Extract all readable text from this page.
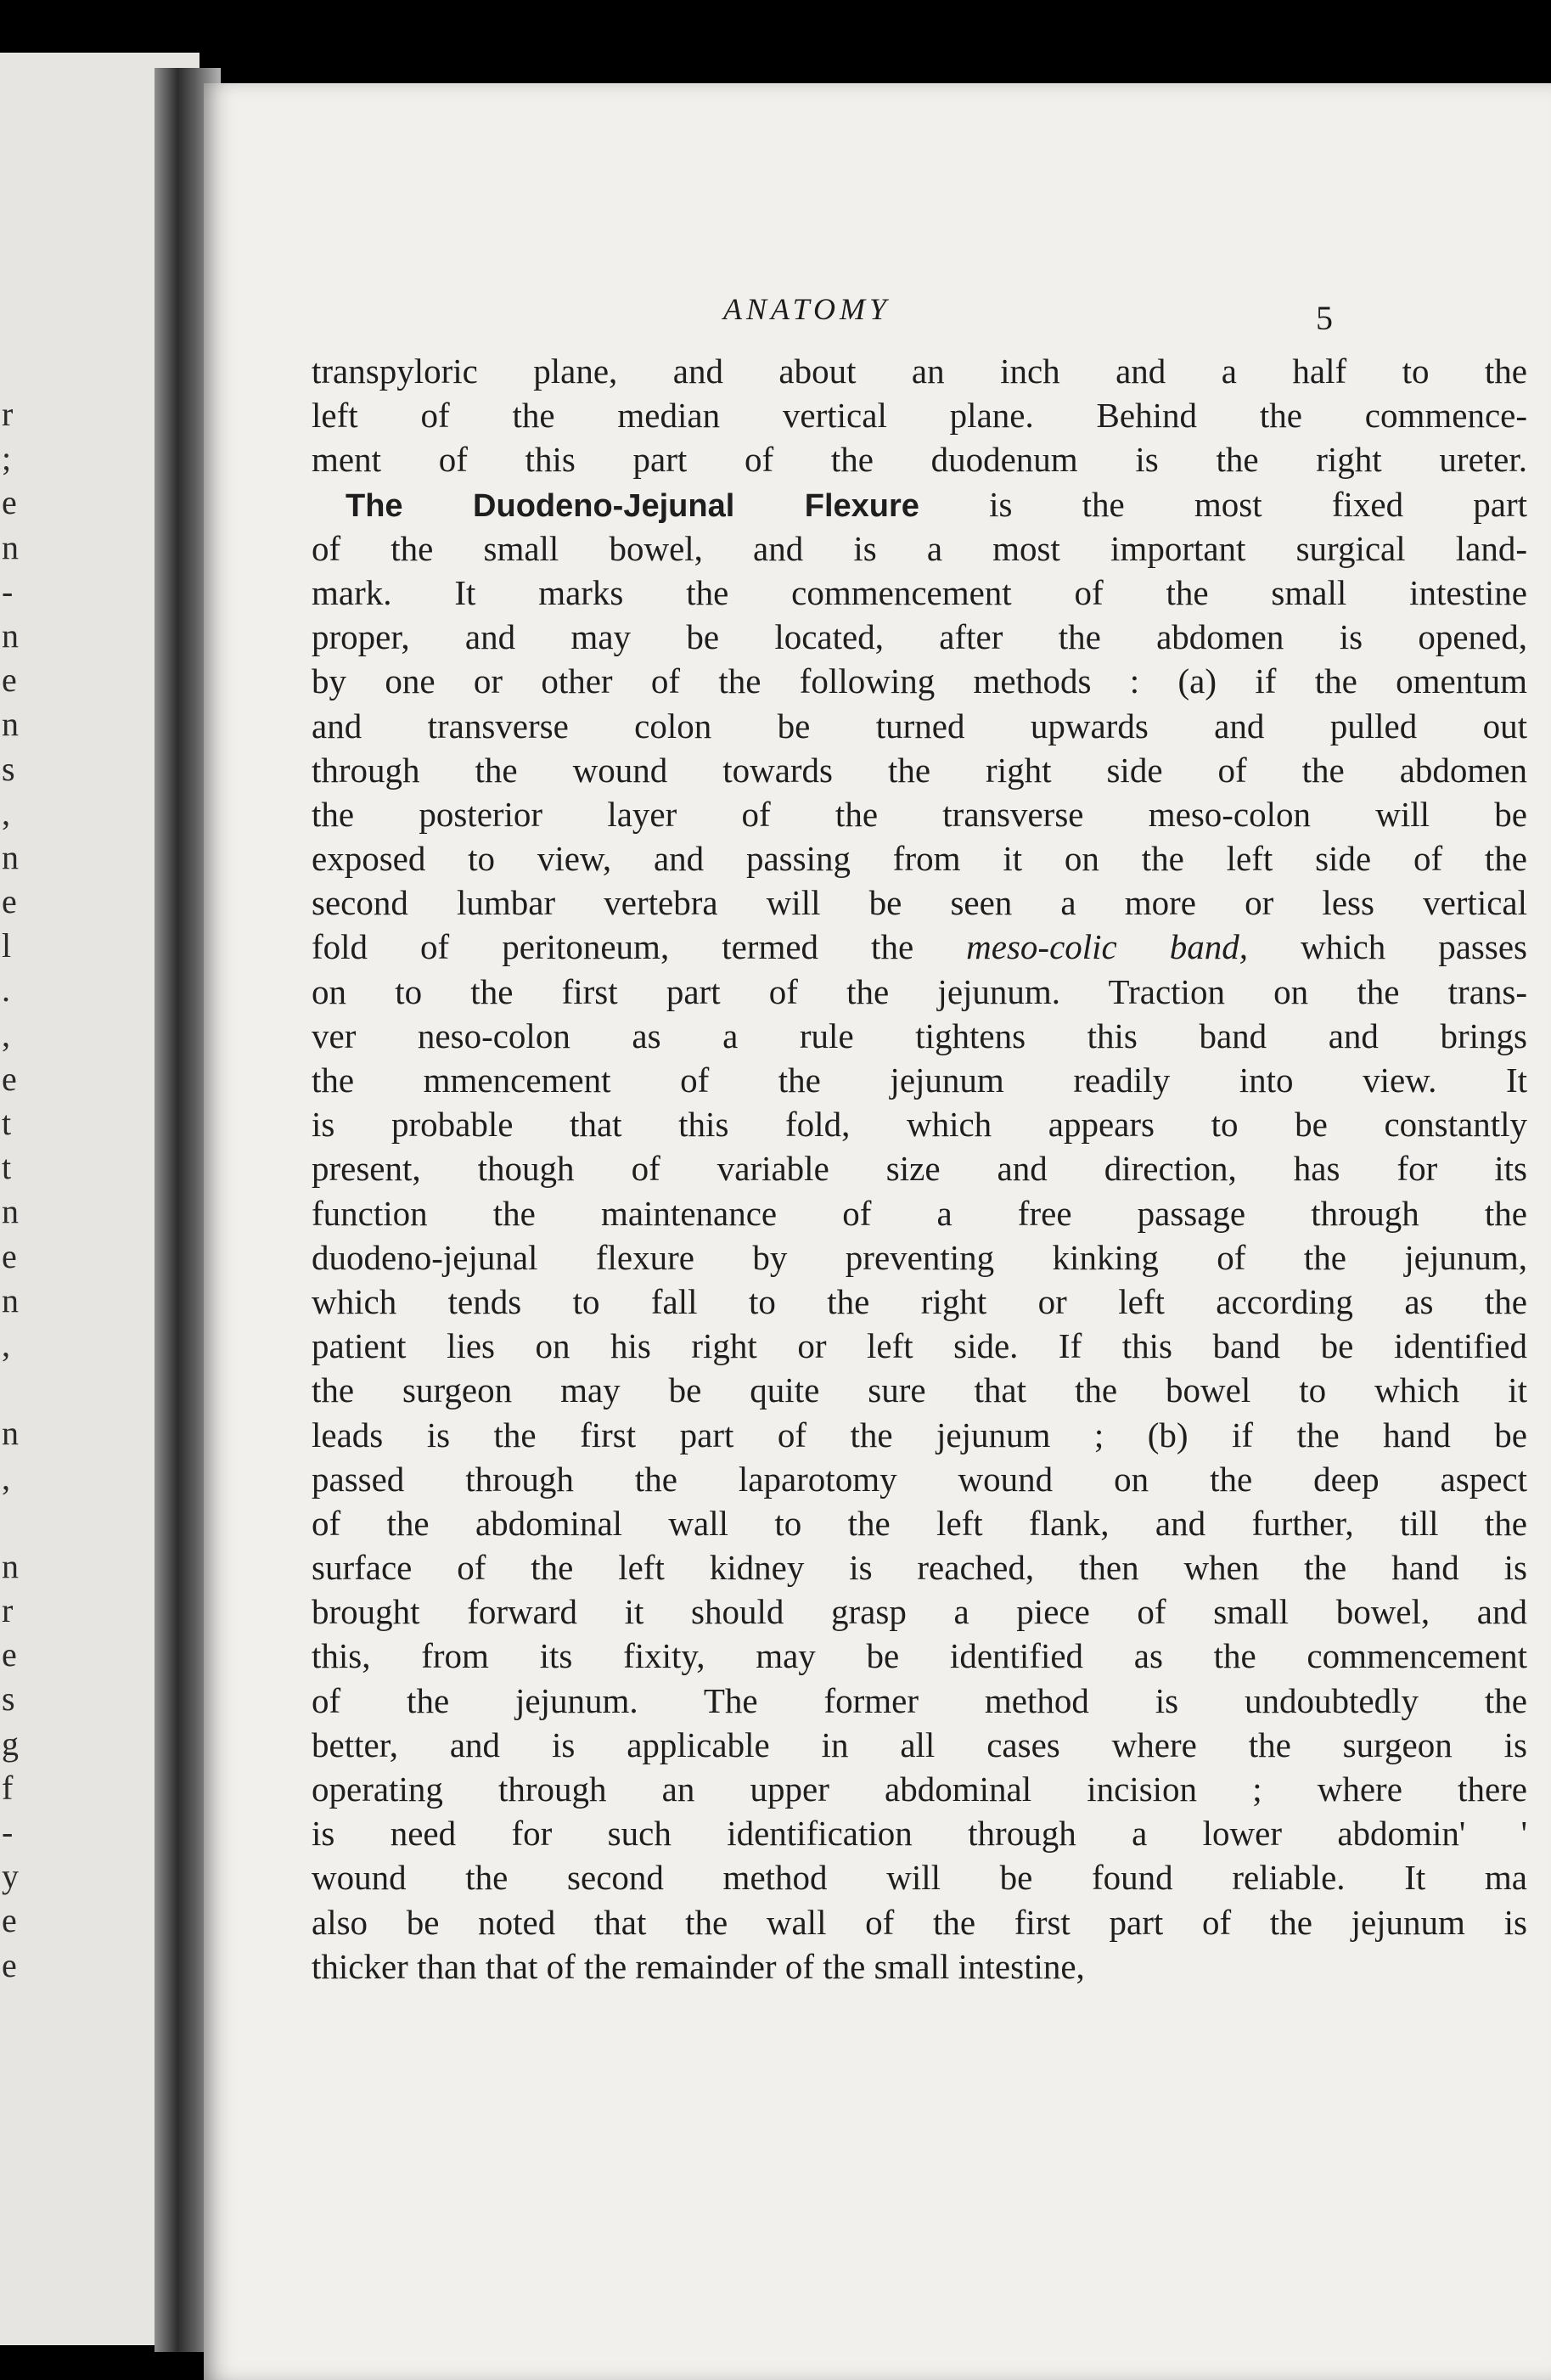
r
;
e
n
-
n
e
n
s
,
n
e
l
.
,
e
t
t
n
e
n
,
n
,
n
r
e
s
g
f
-
y
e
e
ANATOMY	5
transpyloric plane, and about an inch and a half to the
left of the median vertical plane. Behind the commence-
ment of this part of the duodenum is the right ureter.
The Duodeno-Jejunal Flexure is the most fixed part
of the small bowel, and is a most important surgical land-
mark. It marks the commencement of the small intestine
proper, and may be located, after the abdomen is opened,
by one or other of the following methods : (a) if the omentum
and transverse colon be turned upwards and pulled out
through the wound towards the right side of the abdomen
the posterior layer of the transverse meso-colon will be
exposed to view, and passing from it on the left side of the
second lumbar vertebra will be seen a more or less vertical
fold of peritoneum, termed the meso-colic band, which passes
on to the first part of the jejunum. Traction on the trans-
ver neso-colon as a rule tightens this band and brings
the mmencement of the jejunum readily into view. It
is probable that this fold, which appears to be constantly
present, though of variable size and direction, has for its
function the maintenance of a free passage through the
duodeno-jejunal flexure by preventing kinking of the jejunum,
which tends to fall to the right or left according as the
patient lies on his right or left side. If this band be identified
the surgeon may be quite sure that the bowel to which it
leads is the first part of the jejunum ; (b) if the hand be
passed through the laparotomy wound on the deep aspect
of the abdominal wall to the left flank, and further, till the
surface of the left kidney is reached, then when the hand is
brought forward it should grasp a piece of small bowel, and
this, from its fixity, may be identified as the commencement
of the jejunum. The former method is undoubtedly the
better, and is applicable in all cases where the surgeon is
operating through an upper abdominal incision ; where there
is need for such identification through a lower abdomin' '
wound the second method will be found reliable. It ma
also be noted that the wall of the first part of the jejunum is
thicker than that of the remainder of the small intestine,
